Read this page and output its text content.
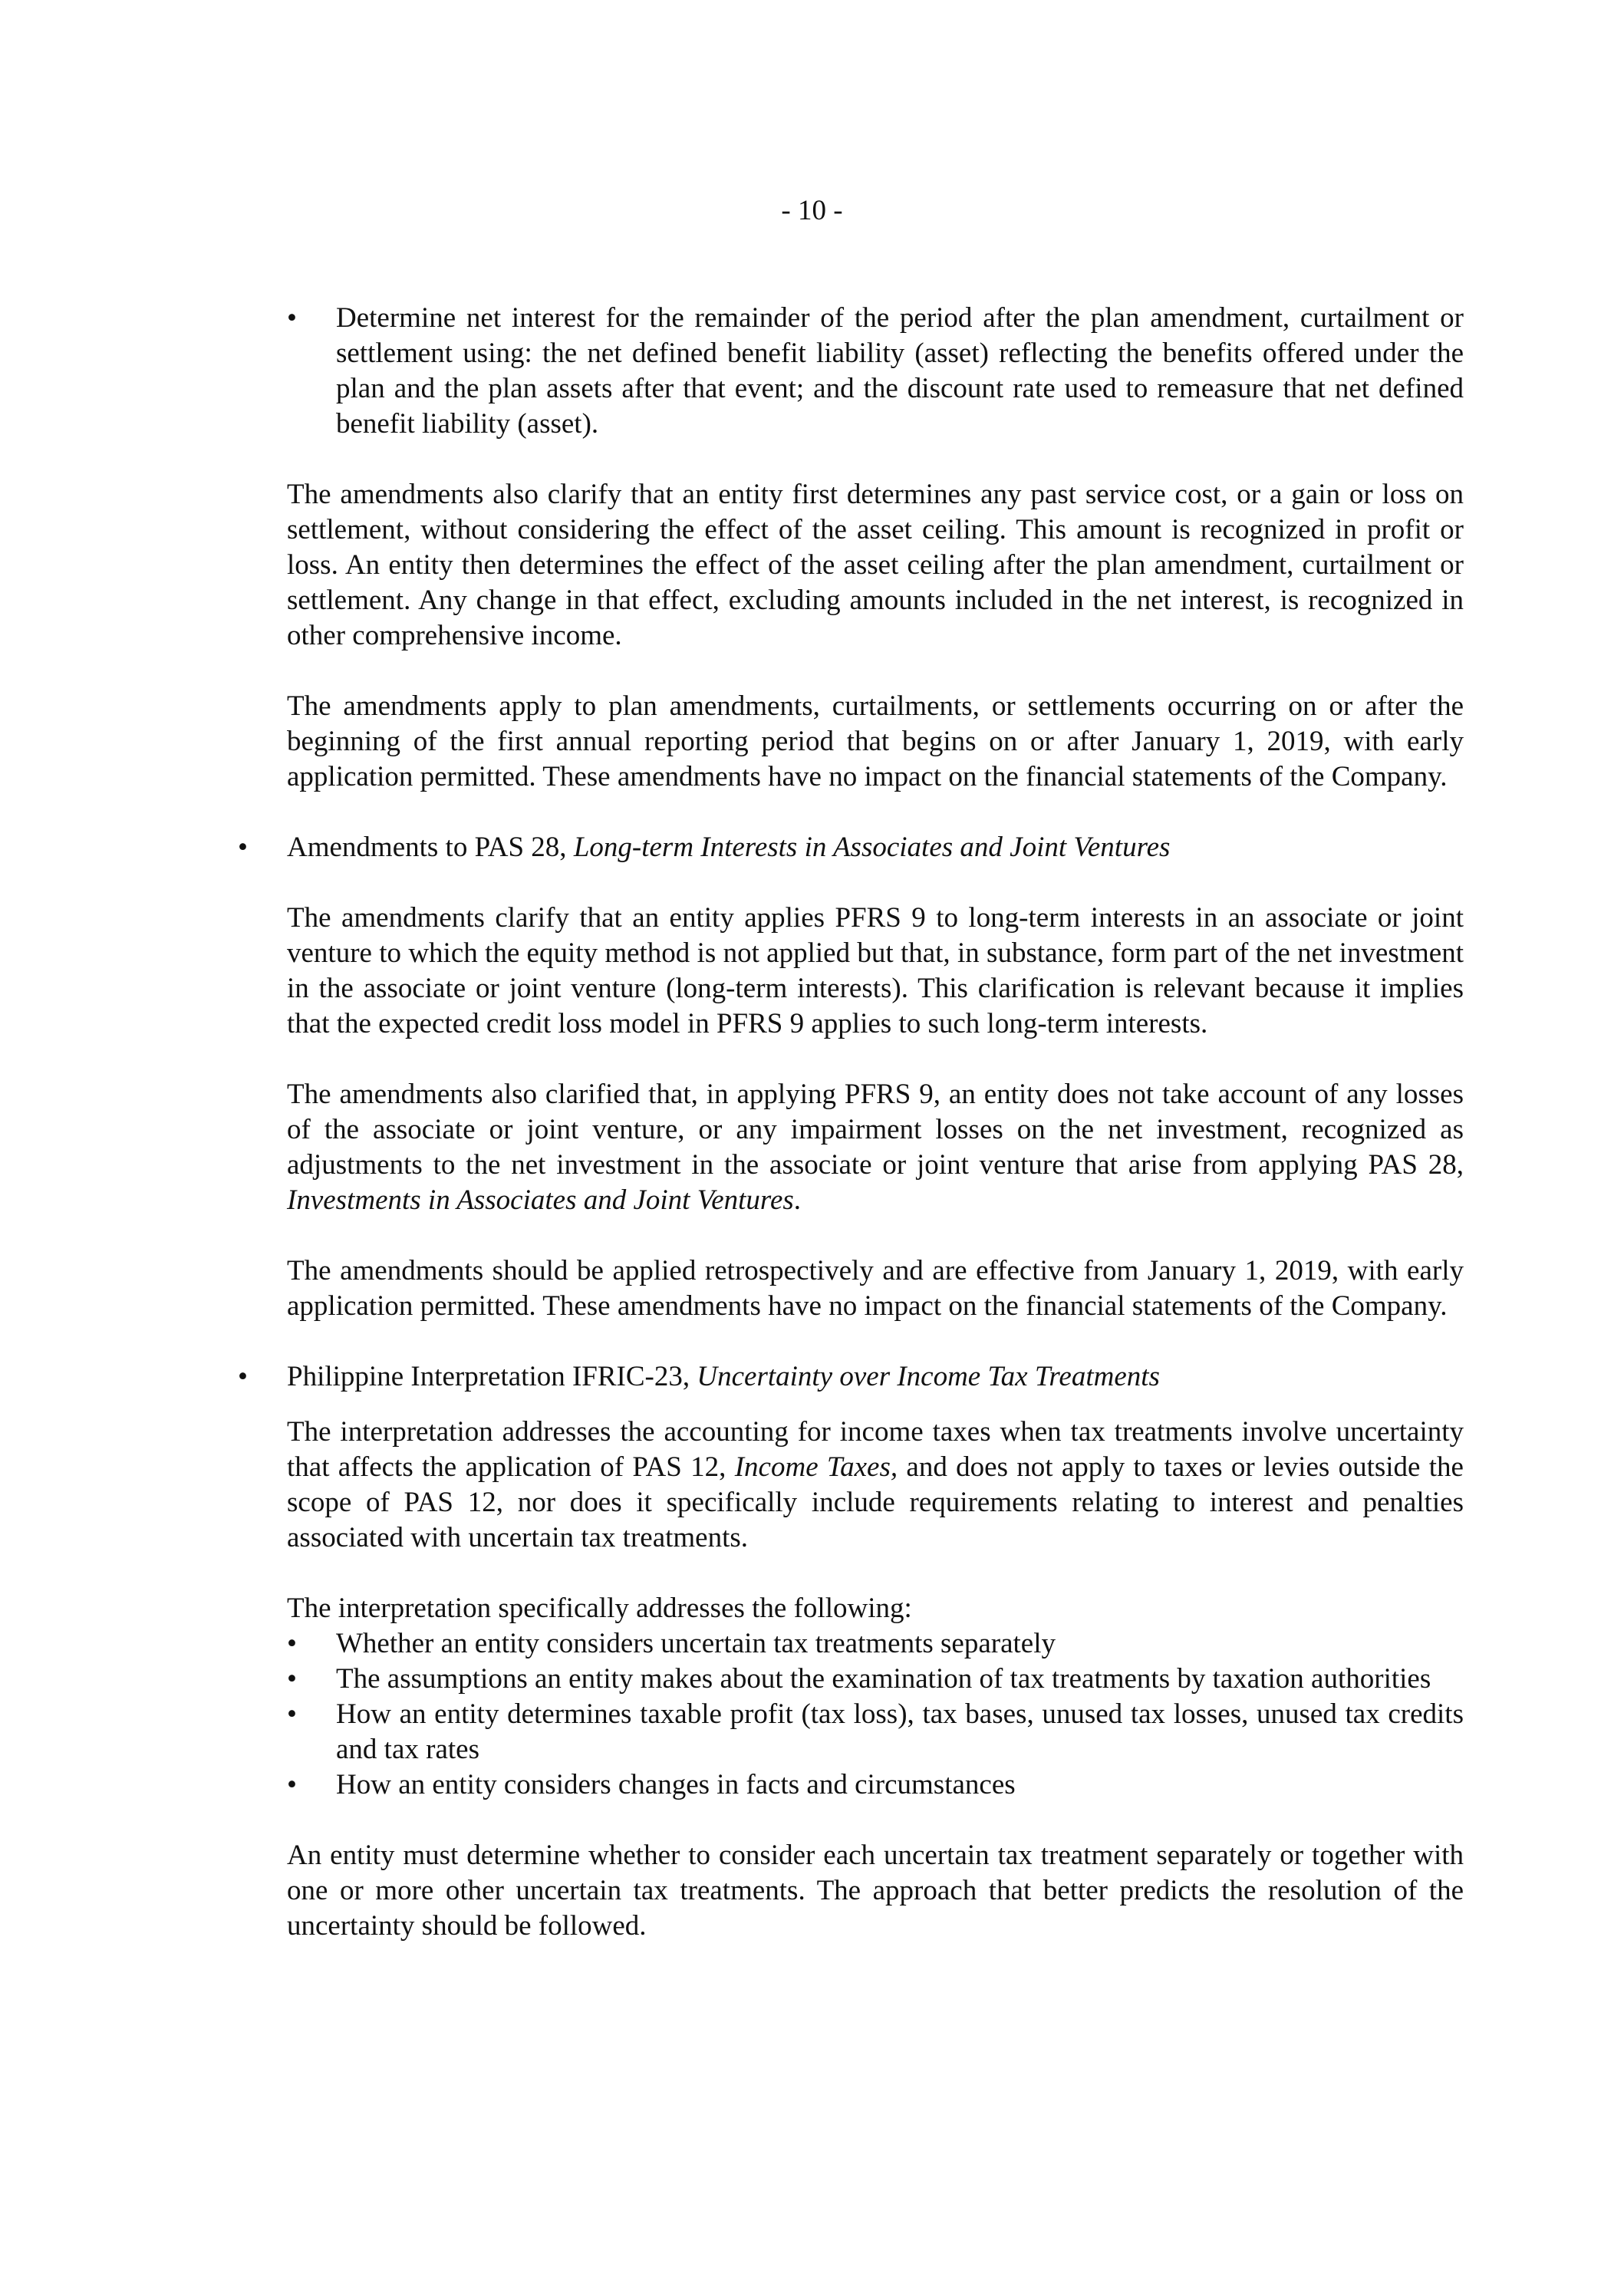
- 10 -
•	Determine net interest for the remainder of the period after the plan amendment, curtailment or settlement using: the net defined benefit liability (asset) reflecting the benefits offered under the plan and the plan assets after that event; and the discount rate used to remeasure that net defined benefit liability (asset).

The amendments also clarify that an entity first determines any past service cost, or a gain or loss on settlement, without considering the effect of the asset ceiling. This amount is recognized in profit or loss. An entity then determines the effect of the asset ceiling after the plan amendment, curtailment or settlement. Any change in that effect, excluding amounts included in the net interest, is recognized in other comprehensive income.

The amendments apply to plan amendments, curtailments, or settlements occurring on or after the beginning of the first annual reporting period that begins on or after January 1, 2019, with early application permitted. These amendments have no impact on the financial statements of the Company.

•	Amendments to PAS 28, Long-term Interests in Associates and Joint Ventures

The amendments clarify that an entity applies PFRS 9 to long-term interests in an associate or joint venture to which the equity method is not applied but that, in substance, form part of the net investment in the associate or joint venture (long-term interests). This clarification is relevant because it implies that the expected credit loss model in PFRS 9 applies to such long-term interests.

The amendments also clarified that, in applying PFRS 9, an entity does not take account of any losses of the associate or joint venture, or any impairment losses on the net investment, recognized as adjustments to the net investment in the associate or joint venture that arise from applying PAS 28, Investments in Associates and Joint Ventures.

The amendments should be applied retrospectively and are effective from January 1, 2019, with early application permitted. These amendments have no impact on the financial statements of the Company.

•	Philippine Interpretation IFRIC-23, Uncertainty over Income Tax Treatments

The interpretation addresses the accounting for income taxes when tax treatments involve uncertainty that affects the application of PAS 12, Income Taxes, and does not apply to taxes or levies outside the scope of PAS 12, nor does it specifically include requirements relating to interest and penalties associated with uncertain tax treatments.

The interpretation specifically addresses the following:

•	Whether an entity considers uncertain tax treatments separately
•	The assumptions an entity makes about the examination of tax treatments by taxation authorities
•	How an entity determines taxable profit (tax loss), tax bases, unused tax losses, unused tax credits and tax rates
•	How an entity considers changes in facts and circumstances

An entity must determine whether to consider each uncertain tax treatment separately or together with one or more other uncertain tax treatments. The approach that better predicts the resolution of the uncertainty should be followed.
